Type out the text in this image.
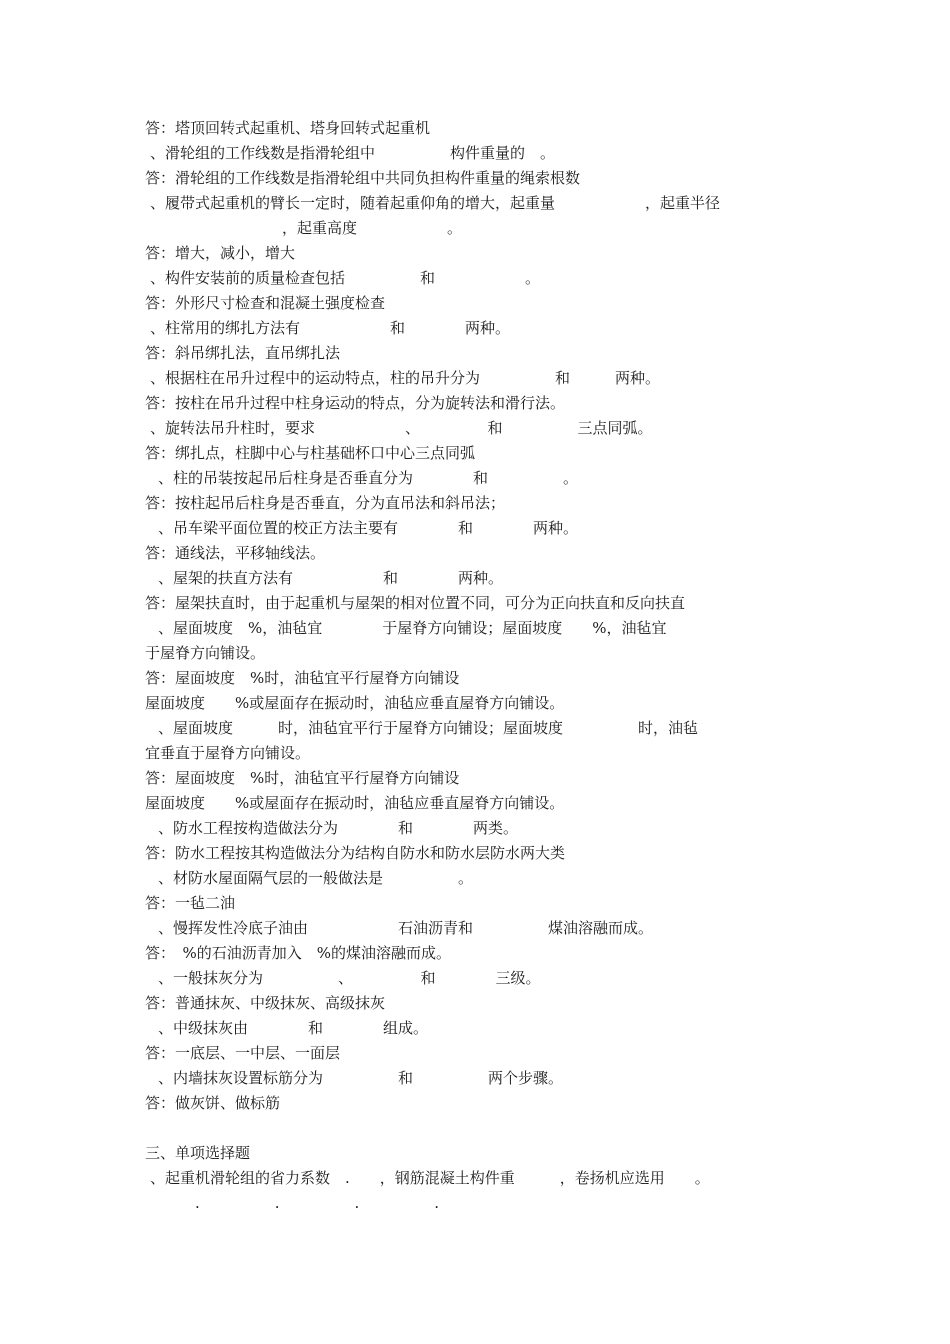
答：塔顶回转式起重机、塔身回转式起重机
、滑轮组的工作线数是指滑轮组中　　　　　构件重量的　。
答：滑轮组的工作线数是指滑轮组中共同负担构件重量的绳索根数
、履带式起重机的臂长一定时，随着起重仰角的增大，起重量　　　　　　，起重半径
，起重高度　　　　　　。
答：增大，减小，增大
、构件安装前的质量检查包括　　　　　和　　　　　　。
答：外形尺寸检查和混凝土强度检查
、柱常用的绑扎方法有　　　　　　和　　　　两种。
答：斜吊绑扎法，直吊绑扎法
、根据柱在吊升过程中的运动特点，柱的吊升分为　　　　　和　　　两种。
答：按柱在吊升过程中柱身运动的特点，分为旋转法和滑行法。
、旋转法吊升柱时，要求　　　　　　、　　　　　和　　　　　三点同弧。
答：绑扎点，柱脚中心与柱基础杯口中心三点同弧
、柱的吊装按起吊后柱身是否垂直分为　　　　和　　　　　。
答：按柱起吊后柱身是否垂直，分为直吊法和斜吊法；
、吊车梁平面位置的校正方法主要有　　　　和　　　　两种。
答：通线法，平移轴线法。
、屋架的扶直方法有　　　　　　和　　　　两种。
答：屋架扶直时，由于起重机与屋架的相对位置不同，可分为正向扶直和反向扶直
、屋面坡度　%，油毡宜　　　　于屋脊方向铺设；屋面坡度　　%，油毡宜
于屋脊方向铺设。
答：屋面坡度　%时，油毡宜平行屋脊方向铺设
屋面坡度　　%或屋面存在振动时，油毡应垂直屋脊方向铺设。
、屋面坡度　　　时，油毡宜平行于屋脊方向铺设；屋面坡度　　　　　时，油毡
宜垂直于屋脊方向铺设。
答：屋面坡度　%时，油毡宜平行屋脊方向铺设
屋面坡度　　%或屋面存在振动时，油毡应垂直屋脊方向铺设。
、防水工程按构造做法分为　　　　和　　　　两类。
答：防水工程按其构造做法分为结构自防水和防水层防水两大类
、材防水屋面隔气层的一般做法是　　　　　。
答：一毡二油
、慢挥发性冷底子油由　　　　　　石油沥青和　　　　　煤油溶融而成。
答：　%的石油沥青加入　%的煤油溶融而成。
、一般抹灰分为　　　　　、　　　　　和　　　　三级。
答：普通抹灰、中级抹灰、高级抹灰
、中级抹灰由　　　　和　　　　组成。
答：一底层、一中层、一面层
、内墙抹灰设置标筋分为　　　　　和　　　　　两个步骤。
答：做灰饼、做标筋
三、单项选择题
、起重机滑轮组的省力系数　.　　，钢筋混凝土构件重　　　，卷扬机应选用　　。
.　　　　　.　　　　　.　　　　　.
